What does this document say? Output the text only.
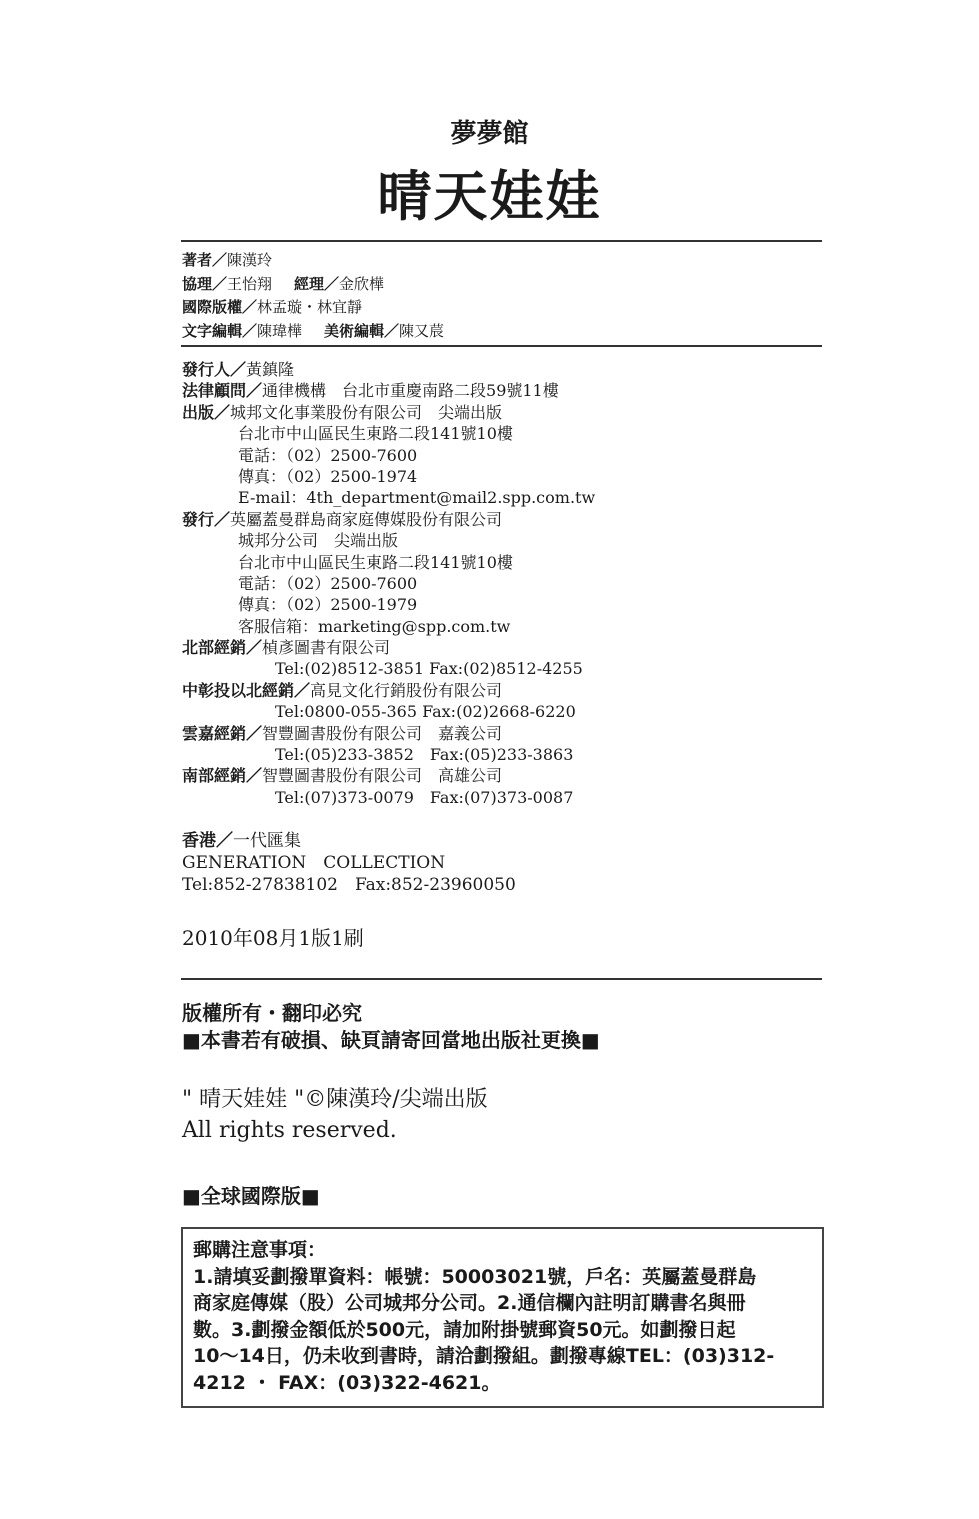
夢夢館
晴天娃娃
著者／陳漢玲
協理／王怡翔 經理／金欣樺
國際版權／林孟璇・林宜靜
文字編輯／陳瑋樺 美術編輯／陳又莀
發行人／黃鎮隆
法律顧問／通律機構　台北市重慶南路二段59號11樓
出版／城邦文化事業股份有限公司　尖端出版
台北市中山區民生東路二段141號10樓
電話：（02）2500-7600
傳真：（02）2500-1974
E-mail：4th_department@mail2.spp.com.tw
發行／英屬蓋曼群島商家庭傳媒股份有限公司
城邦分公司　尖端出版
台北市中山區民生東路二段141號10樓
電話：（02）2500-7600
傳真：（02）2500-1979
客服信箱：marketing@spp.com.tw
北部經銷／楨彥圖書有限公司
Tel:(02)8512-3851 Fax:(02)8512-4255
中彰投以北經銷／高見文化行銷股份有限公司
Tel:0800-055-365 Fax:(02)2668-6220
雲嘉經銷／智豐圖書股份有限公司　嘉義公司
Tel:(05)233-3852　Fax:(05)233-3863
南部經銷／智豐圖書股份有限公司　高雄公司
Tel:(07)373-0079　Fax:(07)373-0087
香港／一代匯集
GENERATION　COLLECTION
Tel:852-27838102　Fax:852-23960050
2010年08月1版1刷
版權所有・翻印必究
■本書若有破損、缺頁請寄回當地出版社更換■
" 晴天娃娃 "©陳漢玲/尖端出版
All rights reserved.
■全球國際版■
郵購注意事項：
1.請填妥劃撥單資料：帳號：50003021號，戶名：英屬蓋曼群島
商家庭傳媒（股）公司城邦分公司。2.通信欄內註明訂購書名與冊
數。3.劃撥金額低於500元，請加附掛號郵資50元。如劃撥日起
10～14日，仍未收到書時，請洽劃撥組。劃撥專線TEL：(03)312-
4212 ・ FAX：(03)322-4621。
